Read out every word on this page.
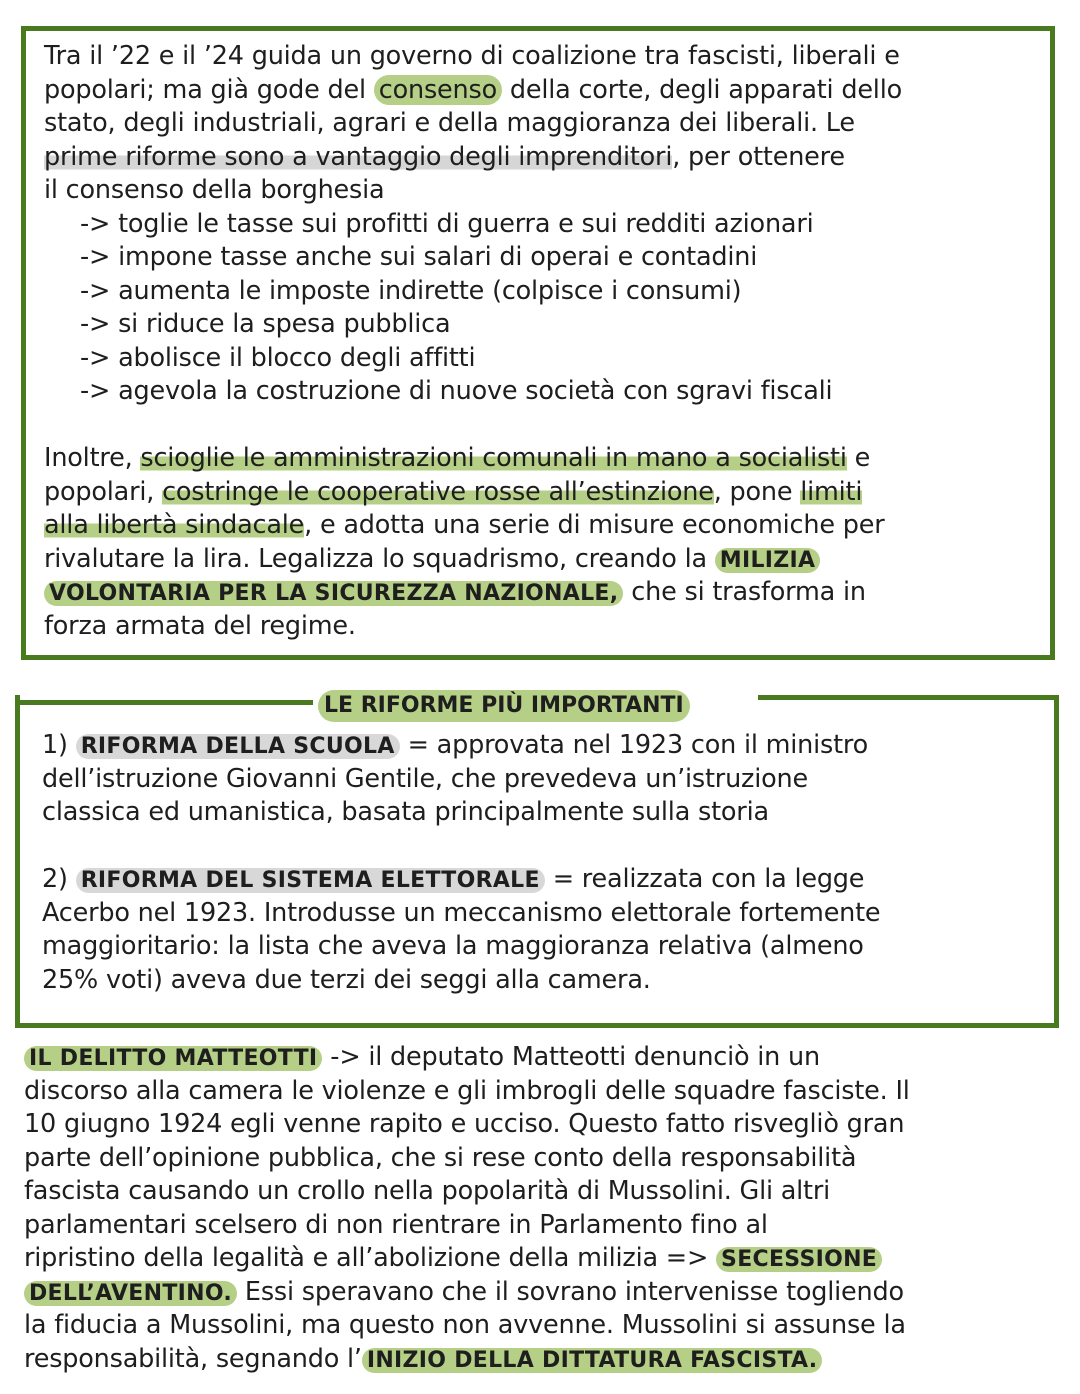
Tra il ’22 e il ’24 guida un governo di coalizione tra fascisti, liberali e
popolari; ma già gode del consenso della corte, degli apparati dello
stato, degli industriali, agrari e della maggioranza dei liberali. Le
prime riforme sono a vantaggio degli imprenditori, per ottenere
il consenso della borghesia
-> toglie le tasse sui profitti di guerra e sui redditi azionari
-> impone tasse anche sui salari di operai e contadini
-> aumenta le imposte indirette (colpisce i consumi)
-> si riduce la spesa pubblica
-> abolisce il blocco degli affitti
-> agevola la costruzione di nuove società con sgravi fiscali
Inoltre, scioglie le amministrazioni comunali in mano a socialisti e
popolari, costringe le cooperative rosse all’estinzione, pone limiti
alla libertà sindacale, e adotta una serie di misure economiche per
rivalutare la lira. Legalizza lo squadrismo, creando la MILIZIA
VOLONTARIA PER LA SICUREZZA NAZIONALE, che si trasforma in
forza armata del regime.
LE RIFORME PIÙ IMPORTANTI
1) RIFORMA DELLA SCUOLA = approvata nel 1923 con il ministro
dell’istruzione Giovanni Gentile, che prevedeva un’istruzione
classica ed umanistica, basata principalmente sulla storia
2) RIFORMA DEL SISTEMA ELETTORALE = realizzata con la legge
Acerbo nel 1923. Introdusse un meccanismo elettorale fortemente
maggioritario: la lista che aveva la maggioranza relativa (almeno
25% voti) aveva due terzi dei seggi alla camera.
IL DELITTO MATTEOTTI -> il deputato Matteotti denunciò in un
discorso alla camera le violenze e gli imbrogli delle squadre fasciste. Il
10 giugno 1924 egli venne rapito e ucciso. Questo fatto risvegliò gran
parte dell’opinione pubblica, che si rese conto della responsabilità
fascista causando un crollo nella popolarità di Mussolini. Gli altri
parlamentari scelsero di non rientrare in Parlamento fino al
ripristino della legalità e all’abolizione della milizia => SECESSIONE
DELL’AVENTINO. Essi speravano che il sovrano intervenisse togliendo
la fiducia a Mussolini, ma questo non avvenne. Mussolini si assunse la
responsabilità, segnando l’ INIZIO DELLA DITTATURA FASCISTA.
